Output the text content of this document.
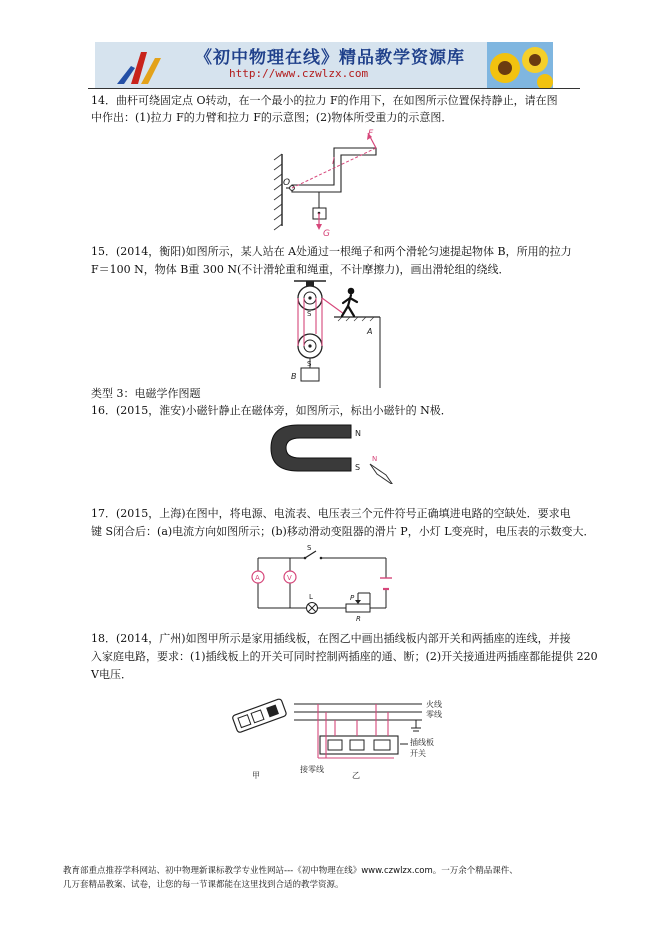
《初中物理在线》精品教学资源库
http://www.czwlzx.com
14．曲杆可绕固定点 O转动，在一个最小的拉力 F的作用下，在如图所示位置保持静止，请在图
中作出：(1)拉力 F的力臂和拉力 F的示意图；(2)物体所受重力的示意图．
O
F
l
G
15．(2014，衡阳)如图所示，某人站在 A处通过一根绳子和两个滑轮匀速提起物体 B，所用的拉力
F＝100 N，物体 B重 300 N(不计滑轮重和绳重，不计摩擦力)，画出滑轮组的绕线．
S
S
B
A
类型 3：电磁学作图题
16．(2015，淮安)小磁针静止在磁体旁，如图所示，标出小磁针的 N极．
N
S
N
17．(2015，上海)在图中，将电源、电流表、电压表三个元件符号正确填进电路的空缺处．要求电
键 S闭合后：(a)电流方向如图所示；(b)移动滑动变阻器的滑片 P，小灯 L变亮时，电压表的示数变大．
S
A	V
L	P
R
18．(2014，广州)如图甲所示是家用插线板，在图乙中画出插线板内部开关和两插座的连线，并接
入家庭电路，要求：(1)插线板上的开关可同时控制两插座的通、断；(2)开关接通进两插座都能提供 220
V电压．
甲
火线
零线
插线板
开关
接零线
乙
教育部重点推荐学科网站、初中物理新课标教学专业性网站---《初中物理在线》www.czwlzx.com。一万余个精品课件、
几万套精品教案、试卷，让您的每一节课都能在这里找到合适的教学资源。
